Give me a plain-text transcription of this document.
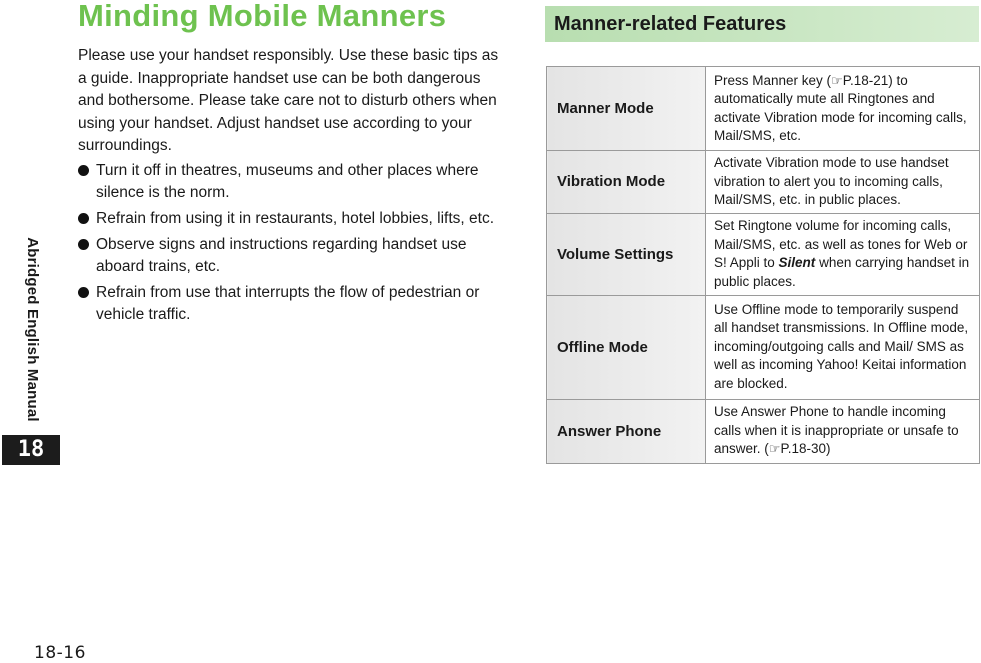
Abridged English Manual
18
Minding Mobile Manners

Please use your handset responsibly. Use these basic tips as a guide. Inappropriate handset use can be both dangerous and bothersome. Please take care not to disturb others when using your handset. Adjust handset use according to your surroundings.

Turn it off in theatres, museums and other places where silence is the norm.
Refrain from using it in restaurants, hotel lobbies, lifts, etc.
Observe signs and instructions regarding handset use aboard trains, etc.
Refrain from use that interrupts the flow of pedestrian or vehicle traffic.
Manner-related Features
Manner Mode	Press Manner key (☞P.18-21) to automatically mute all Ringtones and activate Vibration mode for incoming calls, Mail/SMS, etc.
Vibration Mode	Activate Vibration mode to use handset vibration to alert you to incoming calls, Mail/SMS, etc. in public places.
Volume Settings	Set Ringtone volume for incoming calls, Mail/SMS, etc. as well as tones for Web or S! Appli to Silent when carrying handset in public places.
Offline Mode	Use Offline mode to temporarily suspend all handset transmissions. In Offline mode, incoming/outgoing calls and Mail/ SMS as well as incoming Yahoo! Keitai information are blocked.
Answer Phone	Use Answer Phone to handle incoming calls when it is inappropriate or unsafe to answer. (☞P.18-30)
18-16
